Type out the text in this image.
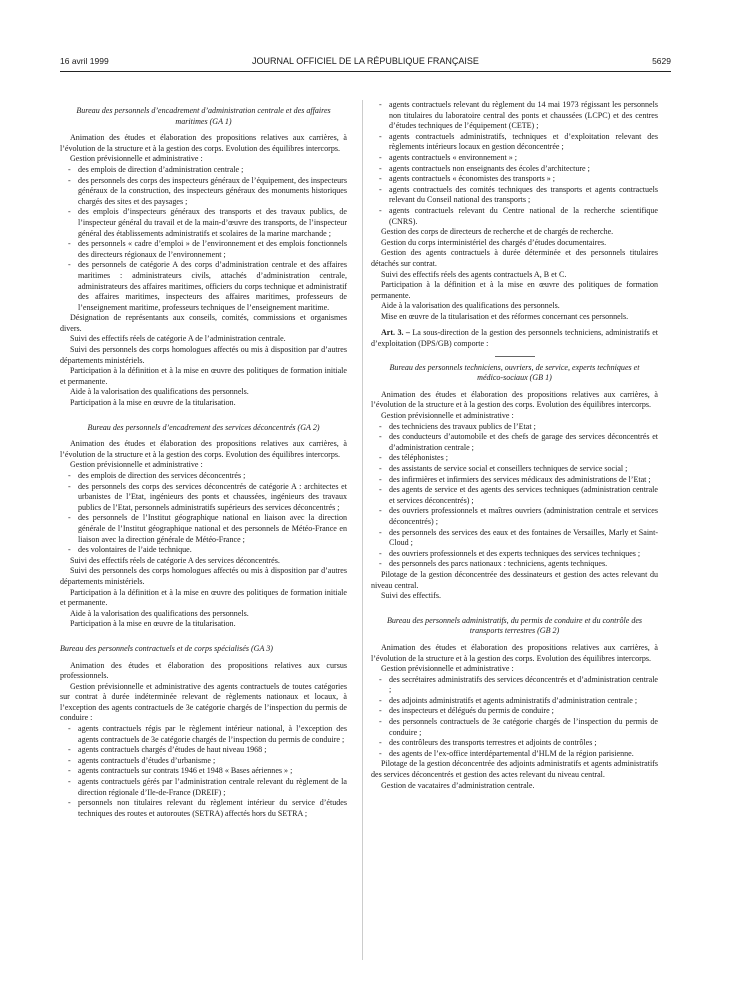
16 avril 1999	JOURNAL OFFICIEL DE LA RÉPUBLIQUE FRANÇAISE	5629

Bureau des personnels d’encadrement d’administration centrale et des affaires maritimes (GA 1)

Animation des études et élaboration des propositions relatives aux carrières, à l’évolution de la structure et à la gestion des corps. Evolution des équilibres intercorps.

Gestion prévisionnelle et administrative :

- des emplois de direction d’administration centrale ;
- des personnels des corps des inspecteurs généraux de l’équipement, des inspecteurs généraux de la construction, des inspecteurs généraux des monuments historiques chargés des sites et des paysages ;
- des emplois d’inspecteurs généraux des transports et des travaux publics, de l’inspecteur général du travail et de la main-d’œuvre des transports, de l’inspecteur général des établissements administratifs et scolaires de la marine marchande ;
- des personnels « cadre d’emploi » de l’environnement et des emplois fonctionnels des directeurs régionaux de l’environnement ;
- des personnels de catégorie A des corps d’administration centrale et des affaires maritimes : administrateurs civils, attachés d’administration centrale, administrateurs des affaires maritimes, officiers du corps technique et administratif des affaires maritimes, inspecteurs des affaires maritimes, professeurs de l’enseignement maritime, professeurs techniques de l’enseignement maritime.

Désignation de représentants aux conseils, comités, commissions et organismes divers.

Suivi des effectifs réels de catégorie A de l’administration centrale.

Suivi des personnels des corps homologues affectés ou mis à disposition par d’autres départements ministériels.

Participation à la définition et à la mise en œuvre des politiques de formation initiale et permanente.

Aide à la valorisation des qualifications des personnels.

Participation à la mise en œuvre de la titularisation.

Bureau des personnels d’encadrement des services déconcentrés (GA 2)

Animation des études et élaboration des propositions relatives aux carrières, à l’évolution de la structure et à la gestion des corps. Evolution des équilibres intercorps.

Gestion prévisionnelle et administrative :

- des emplois de direction des services déconcentrés ;
- des personnels des corps des services déconcentrés de catégorie A : architectes et urbanistes de l’Etat, ingénieurs des ponts et chaussées, ingénieurs des travaux publics de l’Etat, personnels administratifs supérieurs des services déconcentrés ;
- des personnels de l’Institut géographique national en liaison avec la direction générale de l’Institut géographique national et des personnels de Météo-France en liaison avec la direction générale de Météo-France ;
- des volontaires de l’aide technique.

Suivi des effectifs réels de catégorie A des services déconcentrés.

Suivi des personnels des corps homologues affectés ou mis à disposition par d’autres départements ministériels.

Participation à la définition et à la mise en œuvre des politiques de formation initiale et permanente.

Aide à la valorisation des qualifications des personnels.

Participation à la mise en œuvre de la titularisation.

Bureau des personnels contractuels et de corps spécialisés (GA 3)

Animation des études et élaboration des propositions relatives aux cursus professionnels.

Gestion prévisionnelle et administrative des agents contractuels de toutes catégories sur contrat à durée indéterminée relevant de règlements nationaux et locaux, à l’exception des agents contractuels de 3e catégorie chargés de l’inspection du permis de conduire :

- agents contractuels régis par le règlement intérieur national, à l’exception des agents contractuels de 3e catégorie chargés de l’inspection du permis de conduire ;
- agents contractuels chargés d’études de haut niveau 1968 ;
- agents contractuels d’études d’urbanisme ;
- agents contractuels sur contrats 1946 et 1948 « Bases aériennes » ;
- agents contractuels gérés par l’administration centrale relevant du règlement de la direction régionale d’Ile-de-France (DREIF) ;
- personnels non titulaires relevant du règlement intérieur du service d’études techniques des routes et autoroutes (SETRA) affectés hors du SETRA ;
- agents contractuels relevant du règlement du 14 mai 1973 régissant les personnels non titulaires du laboratoire central des ponts et chaussées (LCPC) et des centres d’études techniques de l’équipement (CETE) ;
- agents contractuels administratifs, techniques et d’exploitation relevant des règlements intérieurs locaux en gestion déconcentrée ;
- agents contractuels « environnement » ;
- agents contractuels non enseignants des écoles d’architecture ;
- agents contractuels « économistes des transports » ;
- agents contractuels des comités techniques des transports et agents contractuels relevant du Conseil national des transports ;
- agents contractuels relevant du Centre national de la recherche scientifique (CNRS).

Gestion des corps de directeurs de recherche et de chargés de recherche.

Gestion du corps interministériel des chargés d’études documentaires.

Gestion des agents contractuels à durée déterminée et des personnels titulaires détachés sur contrat.

Suivi des effectifs réels des agents contractuels A, B et C.

Participation à la définition et à la mise en œuvre des politiques de formation permanente.

Aide à la valorisation des qualifications des personnels.

Mise en œuvre de la titularisation et des réformes concernant ces personnels.

Art. 3. – La sous-direction de la gestion des personnels techniciens, administratifs et d’exploitation (DPS/GB) comporte :

Bureau des personnels techniciens, ouvriers, de service, experts techniques et médico-sociaux (GB 1)

Animation des études et élaboration des propositions relatives aux carrières, à l’évolution de la structure et à la gestion des corps. Evolution des équilibres intercorps.

Gestion prévisionnelle et administrative :

- des techniciens des travaux publics de l’Etat ;
- des conducteurs d’automobile et des chefs de garage des services déconcentrés et d’administration centrale ;
- des téléphonistes ;
- des assistants de service social et conseillers techniques de service social ;
- des infirmières et infirmiers des services médicaux des administrations de l’Etat ;
- des agents de service et des agents des services techniques (administration centrale et services déconcentrés) ;
- des ouvriers professionnels et maîtres ouvriers (administration centrale et services déconcentrés) ;
- des personnels des services des eaux et des fontaines de Versailles, Marly et Saint-Cloud ;
- des ouvriers professionnels et des experts techniques des services techniques ;
- des personnels des parcs nationaux : techniciens, agents techniques.

Pilotage de la gestion déconcentrée des dessinateurs et gestion des actes relevant du niveau central.

Suivi des effectifs.

Bureau des personnels administratifs, du permis de conduire et du contrôle des transports terrestres (GB 2)

Animation des études et élaboration des propositions relatives aux carrières, à l’évolution de la structure et à la gestion des corps. Evolution des équilibres intercorps.

Gestion prévisionnelle et administrative :

- des secrétaires administratifs des services déconcentrés et d’administration centrale ;
- des adjoints administratifs et agents administratifs d’administration centrale ;
- des inspecteurs et délégués du permis de conduire ;
- des personnels contractuels de 3e catégorie chargés de l’inspection du permis de conduire ;
- des contrôleurs des transports terrestres et adjoints de contrôles ;
- des agents de l’ex-office interdépartemental d’HLM de la région parisienne.

Pilotage de la gestion déconcentrée des adjoints administratifs et agents administratifs des services déconcentrés et gestion des actes relevant du niveau central.

Gestion de vacataires d’administration centrale.
